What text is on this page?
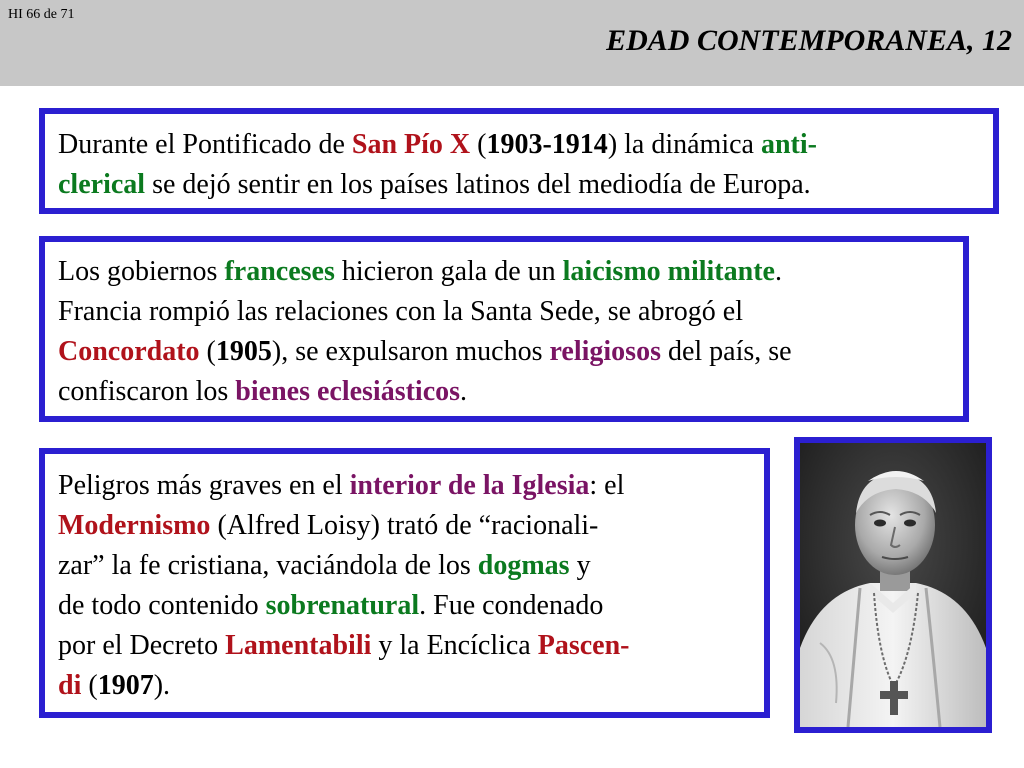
HI 66 de 71
EDAD CONTEMPORANEA, 12
Durante el Pontificado de San Pío X (1903-1914) la dinámica anti-
clerical se dejó sentir en los países latinos del mediodía de Europa.
Los gobiernos franceses hicieron gala de un laicismo militante.
Francia rompió las relaciones con la Santa Sede, se abrogó el
Concordato (1905), se expulsaron muchos religiosos del país, se
confiscaron los bienes eclesiásticos.
Peligros más graves en el interior de la Iglesia: el
Modernismo (Alfred Loisy) trató de “racionali-
zar” la fe cristiana, vaciándola de los dogmas y
de todo contenido sobrenatural. Fue condenado
por el Decreto Lamentabili y la Encíclica Pascen-
di (1907).
